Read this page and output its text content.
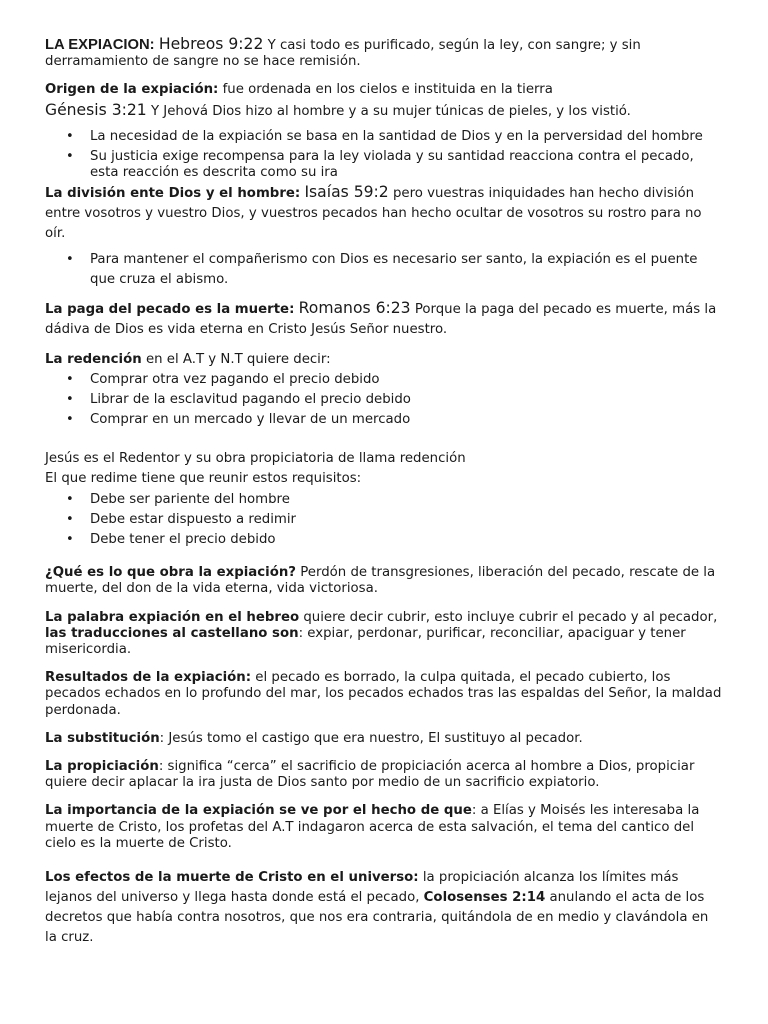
LA EXPIACION: Hebreos 9:22 Y casi todo es purificado, según la ley, con sangre; y sin derramamiento de sangre no se hace remisión.

Origen de la expiación: fue ordenada en los cielos e instituida en la tierra

Génesis 3:21 Y Jehová Dios hizo al hombre y a su mujer túnicas de pieles, y los vistió.

• La necesidad de la expiación se basa en la santidad de Dios y en la perversidad del hombre
• Su justicia exige recompensa para la ley violada y su santidad reacciona contra el pecado, esta reacción es descrita como su ira

La división ente Dios y el hombre: Isaías 59:2 pero vuestras iniquidades han hecho división entre vosotros y vuestro Dios, y vuestros pecados han hecho ocultar de vosotros su rostro para no oír.

• Para mantener el compañerismo con Dios es necesario ser santo, la expiación es el puente que cruza el abismo.

La paga del pecado es la muerte: Romanos 6:23 Porque la paga del pecado es muerte, más la dádiva de Dios es vida eterna en Cristo Jesús Señor nuestro.

La redención en el A.T y N.T quiere decir:

• Comprar otra vez pagando el precio debido
• Librar de la esclavitud pagando el precio debido
• Comprar en un mercado y llevar de un mercado

Jesús es el Redentor y su obra propiciatoria de llama redención

El que redime tiene que reunir estos requisitos:

• Debe ser pariente del hombre
• Debe estar dispuesto a redimir
• Debe tener el precio debido

¿Qué es lo que obra la expiación? Perdón de transgresiones, liberación del pecado, rescate de la muerte, del don de la vida eterna, vida victoriosa.

La palabra expiación en el hebreo quiere decir cubrir, esto incluye cubrir el pecado y al pecador, las traducciones al castellano son: expiar, perdonar, purificar, reconciliar, apaciguar y tener misericordia.

Resultados de la expiación: el pecado es borrado, la culpa quitada, el pecado cubierto, los pecados echados en lo profundo del mar, los pecados echados tras las espaldas del Señor, la maldad perdonada.

La substitución: Jesús tomo el castigo que era nuestro, El sustituyo al pecador.

La propiciación: significa “cerca” el sacrificio de propiciación acerca al hombre a Dios, propiciar quiere decir aplacar la ira justa de Dios santo por medio de un sacrificio expiatorio.

La importancia de la expiación se ve por el hecho de que: a Elías y Moisés les interesaba la muerte de Cristo, los profetas del A.T indagaron acerca de esta salvación, el tema del cantico del cielo es la muerte de Cristo.

Los efectos de la muerte de Cristo en el universo: la propiciación alcanza los límites más lejanos del universo y llega hasta donde está el pecado, Colosenses 2:14 anulando el acta de los decretos que había contra nosotros, que nos era contraria, quitándola de en medio y clavándola en la cruz.
